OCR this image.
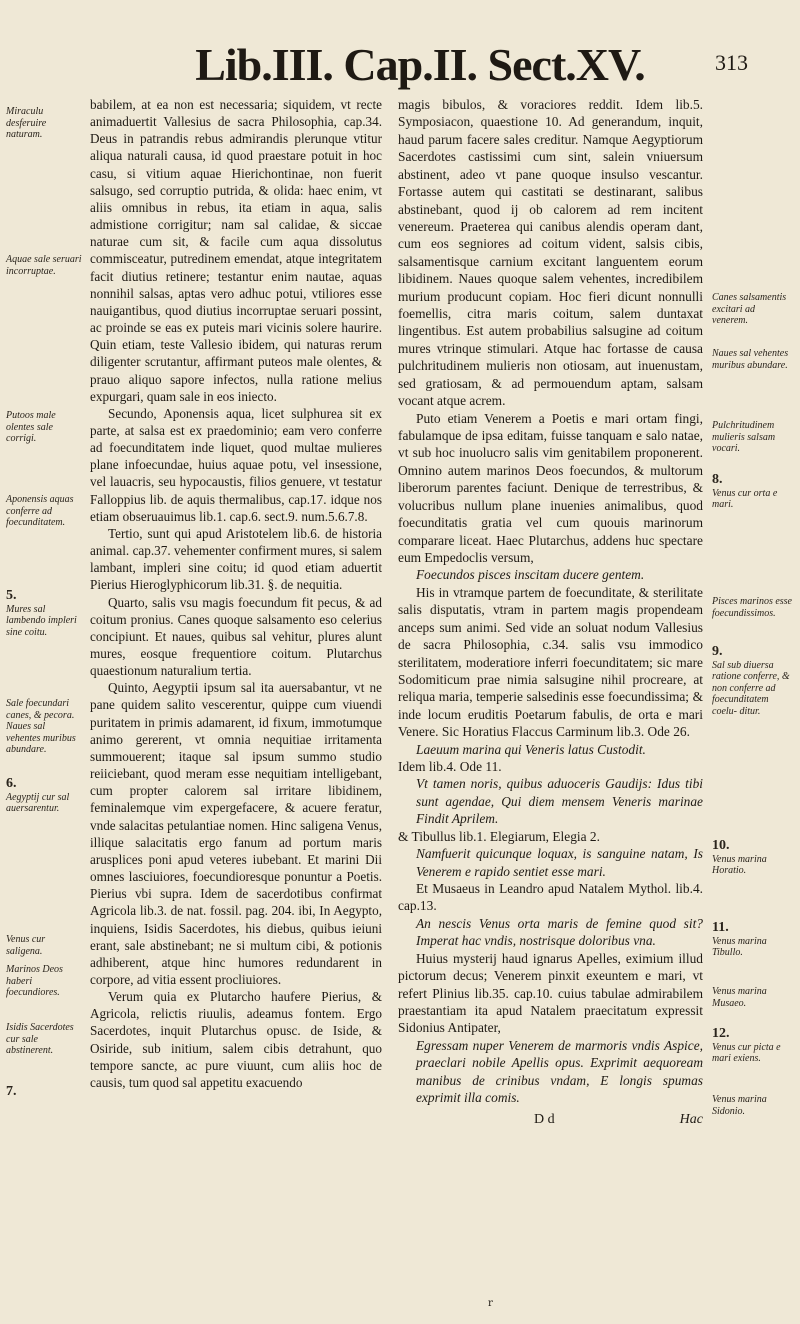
Lib.III. Cap.II. Sect.XV.	313

babilem, at ea non est necessaria; siquidem, vt recte animaduertit Vallesius de sacra Philosophia, cap.34. Deus in patrandis rebus admirandis plerunque vtitur aliqua naturali causa, id quod praestare potuit in hoc casu, si vitium aquae Hierichontinae, non fuerit salsugo, sed corruptio putrida, & olida: haec enim, vt aliis omnibus in rebus, ita etiam in aqua, salis admistione corrigitur; nam sal calidae, & siccae naturae cum sit, & facile cum aqua dissolutus commisceatur, putredinem emendat, atque integritatem facit diutius retinere; testantur enim nautae, aquas nonnihil salsas, aptas vero adhuc potui, vtiliores esse nauigantibus, quod diutius incorruptae seruari possint, ac proinde se eas ex puteis mari vicinis solere haurire. Quin etiam, teste Vallesio ibidem, qui naturas rerum diligenter scrutantur, affirmant puteos male olentes, & prauo aliquo sapore infectos, nulla ratione melius expurgari, quam sale in eos iniecto.

Secundo, Aponensis aqua, licet sulphurea sit ex parte, at salsa est ex praedominio; eam vero conferre ad foecunditatem inde liquet, quod multae mulieres plane infoecundae, huius aquae potu, vel insessione, vel lauacris, seu hypocaustis, filios genuere, vt testatur Falloppius lib. de aquis thermalibus, cap.17. idque nos etiam obseruauimus lib.1. cap.6. sect.9. num.5.6.7.8.

Tertio, sunt qui apud Aristotelem lib.6. de historia animal. cap.37. vehementer confirment mures, si salem lambant, impleri sine coitu; id quod etiam aduertit Pierius Hieroglyphicorum lib.31. §. de nequitia.

Quarto, salis vsu magis foecundum fit pecus, & ad coitum pronius. Canes quoque salsamento eso celerius concipiunt. Et naues, quibus sal vehitur, plures alunt mures, eosque frequentiore coitum. Plutarchus quaestionum naturalium tertia.

Quinto, Aegyptii ipsum sal ita auersabantur, vt ne pane quidem salito vescerentur, quippe cum viuendi puritatem in primis adamarent, id fixum, immotumque animo gererent, vt omnia nequitiae irritamenta summouerent; itaque sal ipsum summo studio reiiciebant, quod meram esse nequitiam intelligebant, cum propter calorem sal irritare libidinem, feminalemque vim expergefacere, & acuere feratur, vnde salacitas petulantiae nomen. Hinc saligena Venus, illique salacitatis ergo fanum ad portum maris arusplices poni apud veteres iubebant. Et marini Dii omnes lasciuiores, foecundioresque ponuntur a Poetis. Pierius vbi supra. Idem de sacerdotibus confirmat Agricola lib.3. de nat. fossil. pag. 204. ibi, In Aegypto, inquiens, Isidis Sacerdotes, his diebus, quibus ieiuni erant, sale abstinebant; ne si multum cibi, & potionis adhiberent, atque hinc humores redundarent in corpore, ad vitia essent procliuiores.

Verum quia ex Plutarcho haufere Pierius, & Agricola, relictis riuulis, adeamus fontem. Ergo Sacerdotes, inquit Plutarchus opusc. de Iside, & Osiride, sub initium, salem cibis detrahunt, quo tempore sancte, ac pure viuunt, cum aliis hoc de causis, tum quod sal appetitu exacuendo

magis bibulos, & voraciores reddit. Idem lib.5. Symposiacon, quaestione 10. Ad generandum, inquit, haud parum facere sales creditur. Namque Aegyptiorum Sacerdotes castissimi cum sint, salein vniuersum abstinent, adeo vt pane quoque insulso vescantur. Fortasse autem qui castitati se destinarant, salibus abstinebant, quod ij ob calorem ad rem incitent venereum. Praeterea qui canibus alendis operam dant, cum eos segniores ad coitum vident, salsis cibis, salsamentisque carnium excitant languentem eorum libidinem. Naues quoque salem vehentes, incredibilem murium producunt copiam. Hoc fieri dicunt nonnulli foemellis, citra maris coitum, salem duntaxat lingentibus. Est autem probabilius salsugine ad coitum mures vtrinque stimulari. Atque hac fortasse de causa pulchritudinem mulieris non otiosam, aut inuenustam, sed gratiosam, & ad permouendum aptam, salsam vocant atque acrem.

Puto etiam Venerem a Poetis e mari ortam fingi, fabulamque de ipsa editam, fuisse tanquam e salo natae, vt sub hoc inuolucro salis vim genitabilem proponerent. Omnino autem marinos Deos foecundos, & multorum liberorum parentes faciunt. Denique de terrestribus, & volucribus nullum plane inuenies animalibus, quod foecunditatis gratia vel cum quouis marinorum comparare liceat. Haec Plutarchus, addens huc spectare eum Empedoclis versum,

Foecundos pisces inscitam ducere gentem.

His in vtramque partem de foecunditate, & sterilitate salis disputatis, vtram in partem magis propendeam anceps sum animi. Sed vide an soluat nodum Vallesius de sacra Philosophia, c.34. salis vsu immodico sterilitatem, moderatiore inferri foecunditatem; sic mare Sodomiticum prae nimia salsugine nihil procreare, at reliqua maria, temperie salsedinis esse foecundissima; & inde locum eruditis Poetarum fabulis, de orta e mari Venere. Sic Horatius Flaccus Carminum lib.3. Ode 26.

Laeuum marina qui Veneris latus Custodit.

Idem lib.4. Ode 11.

Vt tamen noris, quibus aduoceris Gaudijs: Idus tibi sunt agendae, Qui diem mensem Veneris marinae Findit Aprilem.

& Tibullus lib.1. Elegiarum, Elegia 2.

Namfuerit quicunque loquax, is sanguine natam, Is Venerem e rapido sentiet esse mari.

Et Musaeus in Leandro apud Natalem Mythol. lib.4. cap.13.

An nescis Venus orta maris de femine quod sit? Imperat hac vndis, nostrisque doloribus vna.

Huius mysterij haud ignarus Apelles, eximium illud pictorum decus; Venerem pinxit exeuntem e mari, vt refert Plinius lib.35. cap.10. cuius tabulae admirabilem praestantiam ita apud Natalem praecitatum expressit Sidonius Antipater,

Egressam nuper Venerem de marmoris vndis Aspice, praeclari nobile Apellis opus. Exprimit aequoream manibus de crinibus vndam, E longis spumas exprimit illa comis.

Miraculu desferuire naturam.
Aquae sale seruari incorruptae.
Putoos male olentes sale corrigi.
Aponensis aquas conferre ad foecunditatem.
5.
Mures sal lambendo impleri sine coitu.
Sale foecundari canes, & pecora. Naues sal vehentes muribus abundare.
6.
Aegyptij cur sal auersarentur.
Venus cur saligena.
Marinos Deos haberi foecundiores.
Isidis Sacerdotes cur sale abstinerent.
7.
Canes salsamentis excitari ad venerem.
Naues sal vehentes muribus abundare.
Pulchritudinem mulieris salsam vocari.
8.
Venus cur orta e mari.
Pisces marinos esse foecundissimos.
9.
Sal sub diuersa ratione conferre, & non conferre ad foecunditatem coelu- ditur.
10.
Venus marina Horatio.
11.
Venus marina Tibullo.
Venus marina Musaeo.
12.
Venus cur picta e mari exiens.
Venus marina Sidonio.
D d	Hac
r
